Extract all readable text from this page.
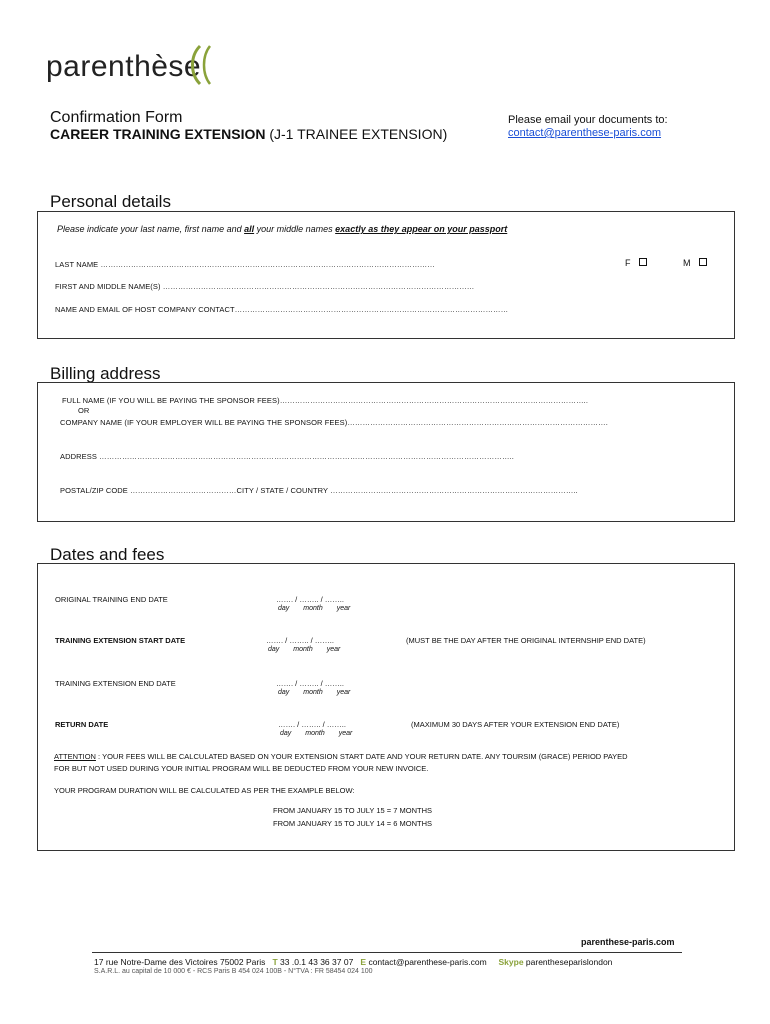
parenthèse
Confirmation Form
CAREER TRAINING EXTENSION (J-1 TRAINEE EXTENSION)
Please email your documents to:
contact@parenthese-paris.com
Personal details
Please indicate your last name, first name and all your middle names exactly as they appear on your passport
LAST NAME ……………………………………………………………………………………………………………………	F	M
FIRST AND MIDDLE NAME(S) ……………………………………………………………………………………………………………
NAME AND EMAIL OF HOST COMPANY CONTACT………………………………………………………………………………………………
Billing address
FULL NAME (IF YOU WILL BE PAYING THE SPONSOR FEES)…………………………………………………………………………………………………………..
OR
COMPANY NAME (IF YOUR EMPLOYER WILL BE PAYING THE SPONSOR FEES)………………………………………………………………………………………….
ADDRESS ………………………………………………………………………………………………………………………………………………..
POSTAL/ZIP CODE ……………………………………CITY / STATE / COUNTRY ……………………………………………………………………………………..
Dates and fees
ORIGINAL TRAINING END DATE	……. / …….. / ……..
day month year
TRAINING EXTENSION START DATE	……. / …….. / ……..
day month year
(MUST BE THE DAY AFTER THE ORIGINAL INTERNSHIP END DATE)
TRAINING EXTENSION END DATE	……. / …….. / ……..
day month year
RETURN DATE	……. / …….. / ……..
day month year
(MAXIMUM 30 DAYS AFTER YOUR EXTENSION END DATE)
ATTENTION : YOUR FEES WILL BE CALCULATED BASED ON YOUR EXTENSION START DATE AND YOUR RETURN DATE. ANY TOURSIM (GRACE) PERIOD PAYED
FOR BUT NOT USED DURING YOUR INITIAL PROGRAM WILL BE DEDUCTED FROM YOUR NEW INVOICE.
YOUR PROGRAM DURATION WILL BE CALCULATED AS PER THE EXAMPLE BELOW:
FROM JANUARY 15 TO JULY 15 = 7 MONTHS
FROM JANUARY 15 TO JULY 14 = 6 MONTHS
parenthese-paris.com
17 rue Notre-Dame des Victoires 75002 Paris T 33 .0.1 43 36 37 07 E contact@parenthese-paris.com Skype parentheseparislondon
S.A.R.L. au capital de 10 000 € - RCS Paris B 454 024 100B - N°TVA : FR 58454 024 100
